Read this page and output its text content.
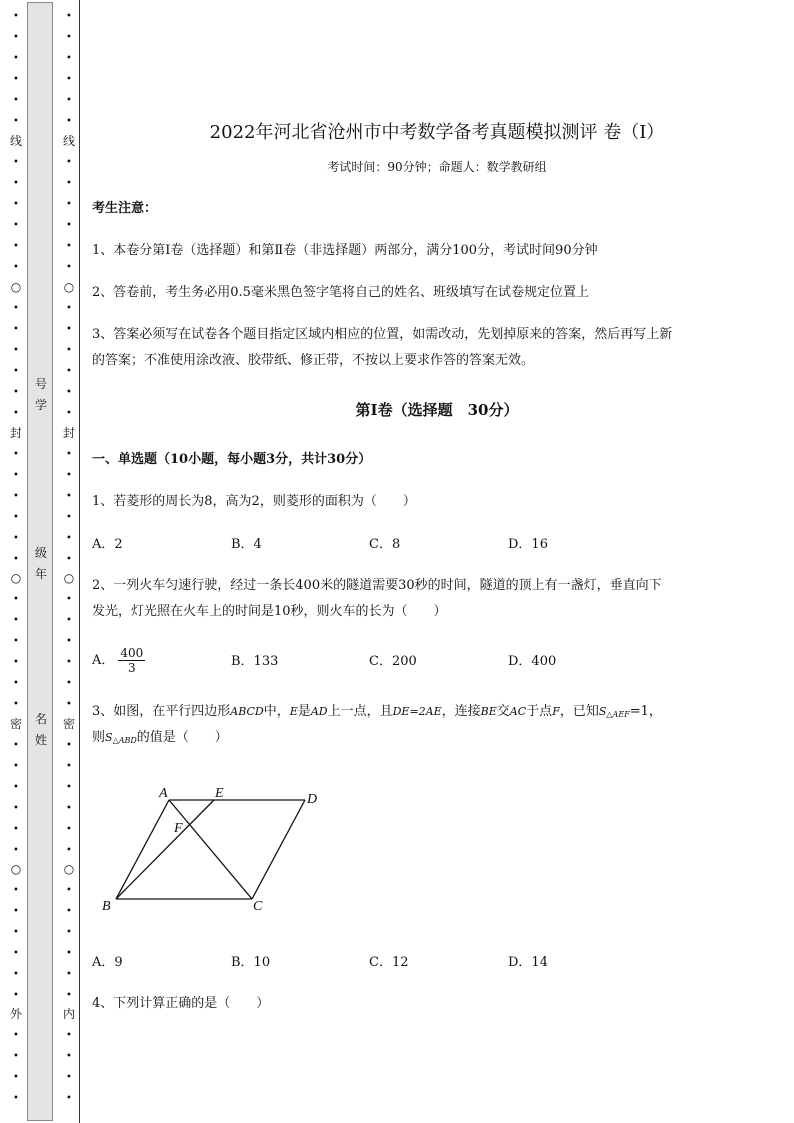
•
•
•
•
•
•
线
•
•
•
•
•
•
○
•
•
•
•
•
•
封
•
•
•
•
•
•
○
•
•
•
•
•
•
密
•
•
•
•
•
•
○
•
•
•
•
•
•
外
•
•
•
•
号
学
级
年
名
姓
•
•
•
•
•
•
线
•
•
•
•
•
•
○
•
•
•
•
•
•
封
•
•
•
•
•
•
○
•
•
•
•
•
•
密
•
•
•
•
•
•
○
•
•
•
•
•
•
内
•
•
•
•
2022年河北省沧州市中考数学备考真题模拟测评 卷（Ⅰ）
考试时间：90分钟；命题人：数学教研组
考生注意：
1、本卷分第Ⅰ卷（选择题）和第Ⅱ卷（非选择题）两部分，满分100分，考试时间90分钟
2、答卷前，考生务必用0.5毫米黑色签字笔将自己的姓名、班级填写在试卷规定位置上
3、答案必须写在试卷各个题目指定区域内相应的位置，如需改动，先划掉原来的答案，然后再写上新
的答案；不准使用涂改液、胶带纸、修正带，不按以上要求作答的答案无效。
第Ⅰ卷（选择题　30分）
一、单选题（10小题，每小题3分，共计30分）
1、若菱形的周长为8，高为2，则菱形的面积为（　　）
A．2	B．4	C．8	D．16
2、一列火车匀速行驶，经过一条长400米的隧道需要30秒的时间，隧道的顶上有一盏灯，垂直向下
发光，灯光照在火车上的时间是10秒，则火车的长为（　　）
A． $\frac{400}{3}$	B．133	C．200	D．400
3、如图，在平行四边形ABCD中，E是AD上一点，且DE=2AE，连接BE交AC于点F，已知$S_{\triangle AEF}=1$，
则$S_{\triangle ABD}$的值是（　　）
A	E	D
F
B	C
A．9	B．10	C．12	D．14
4、下列计算正确的是（　　）
